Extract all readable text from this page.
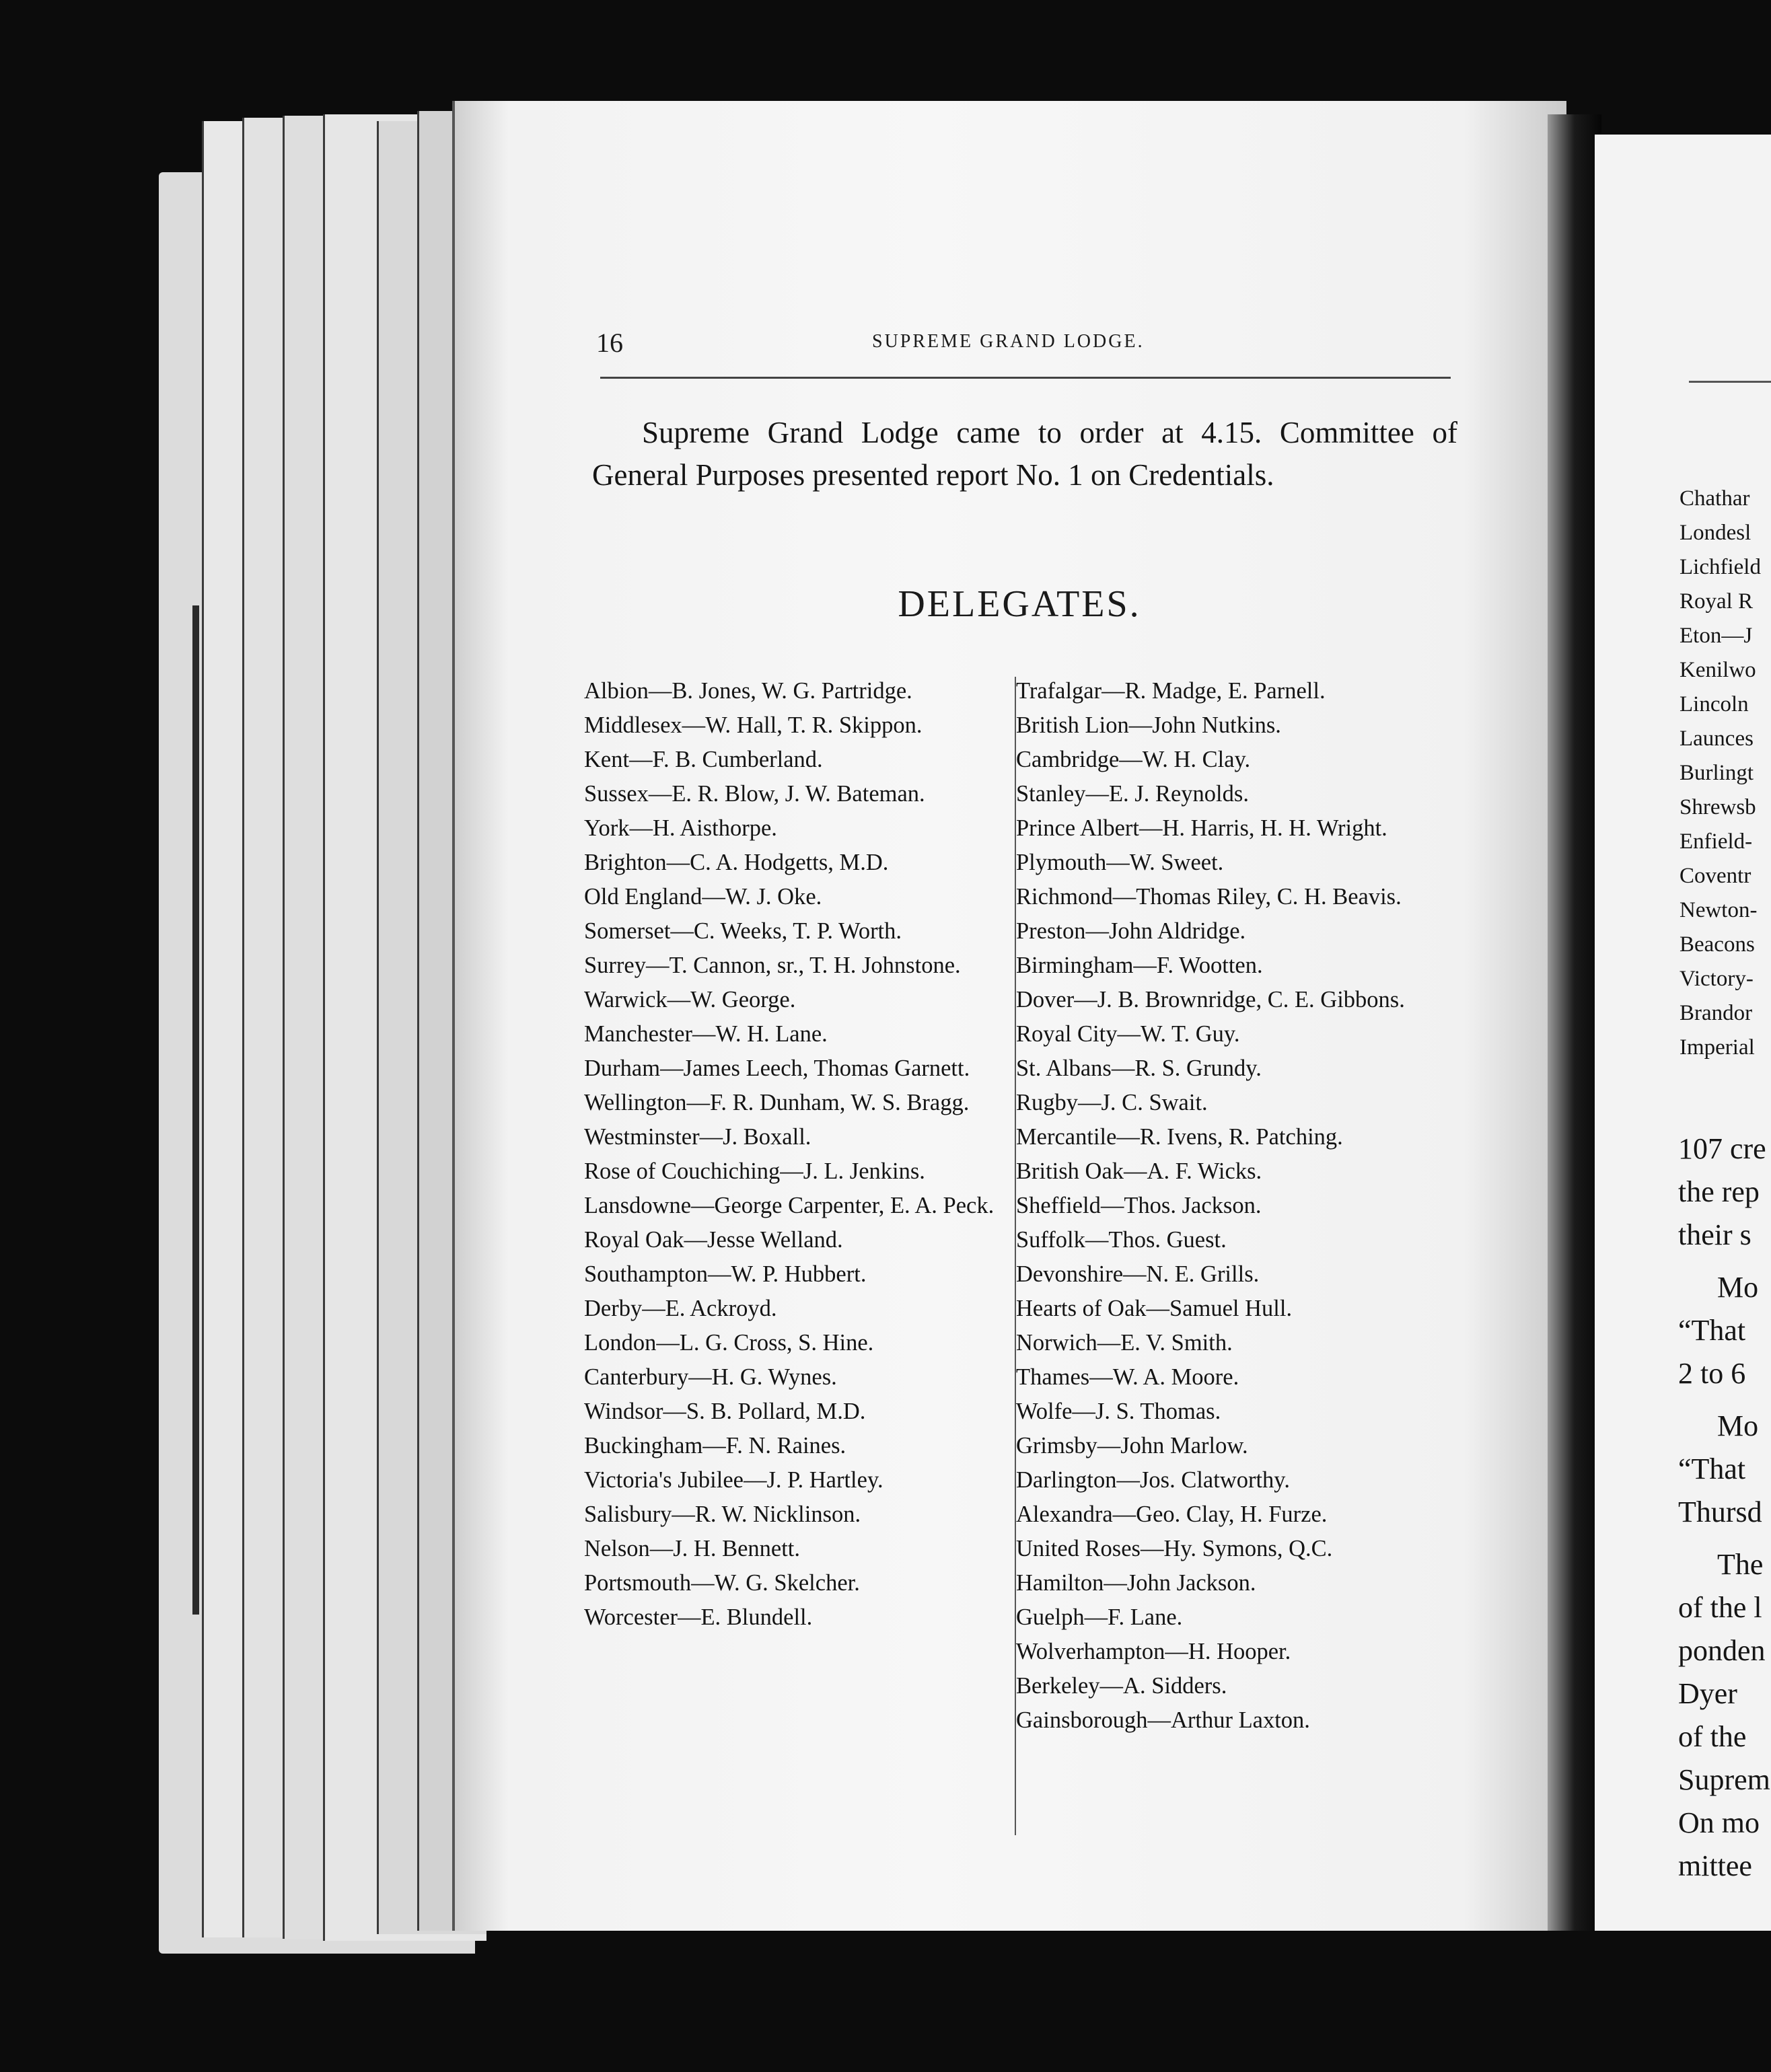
16	SUPREME GRAND LODGE.

Supreme Grand Lodge came to order at 4.15. Committee of General Purposes presented report No. 1 on Credentials.

DELEGATES.

Albion—B. Jones, W. G. Partridge.

Middlesex—W. Hall, T. R. Skippon.

Kent—F. B. Cumberland.

Sussex—E. R. Blow, J. W. Bateman.

York—H. Aisthorpe.

Brighton—C. A. Hodgetts, M.D.

Old England—W. J. Oke.

Somerset—C. Weeks, T. P. Worth.

Surrey—T. Cannon, sr., T. H. Johnstone.

Warwick—W. George.

Manchester—W. H. Lane.

Durham—James Leech, Thomas Garnett.

Wellington—F. R. Dunham, W. S. Bragg.

Westminster—J. Boxall.

Rose of Couchiching—J. L. Jenkins.

Lansdowne—George Carpenter, E. A. Peck.

Royal Oak—Jesse Welland.

Southampton—W. P. Hubbert.

Derby—E. Ackroyd.

London—L. G. Cross, S. Hine.

Canterbury—H. G. Wynes.

Windsor—S. B. Pollard, M.D.

Buckingham—F. N. Raines.

Victoria's Jubilee—J. P. Hartley.

Salisbury—R. W. Nicklinson.

Nelson—J. H. Bennett.

Portsmouth—W. G. Skelcher.

Worcester—E. Blundell.

Trafalgar—R. Madge, E. Parnell.

British Lion—John Nutkins.

Cambridge—W. H. Clay.

Stanley—E. J. Reynolds.

Prince Albert—H. Harris, H. H. Wright.

Plymouth—W. Sweet.

Richmond—Thomas Riley, C. H. Beavis.

Preston—John Aldridge.

Birmingham—F. Wootten.

Dover—J. B. Brownridge, C. E. Gibbons.

Royal City—W. T. Guy.

St. Albans—R. S. Grundy.

Rugby—J. C. Swait.

Mercantile—R. Ivens, R. Patching.

British Oak—A. F. Wicks.

Sheffield—Thos. Jackson.

Suffolk—Thos. Guest.

Devonshire—N. E. Grills.

Hearts of Oak—Samuel Hull.

Norwich—E. V. Smith.

Thames—W. A. Moore.

Wolfe—J. S. Thomas.

Grimsby—John Marlow.

Darlington—Jos. Clatworthy.

Alexandra—Geo. Clay, H. Furze.

United Roses—Hy. Symons, Q.C.

Hamilton—John Jackson.

Guelph—F. Lane.

Wolverhampton—H. Hooper.

Berkeley—A. Sidders.

Gainsborough—Arthur Laxton.

Chathar
Londesl
Lichfield
Royal R
Eton—J
Kenilwo
Lincoln
Launces
Burlingt
Shrewsb
Enfield-
Coventr
Newton-
Beacons
Victory-
Brandor
Imperial
107 cre
the rep
their s
Mo
“That
2 to 6
Mo
“That
Thursd
The
of the l
ponden
Dyer
of the
Suprem
On mo
mittee
